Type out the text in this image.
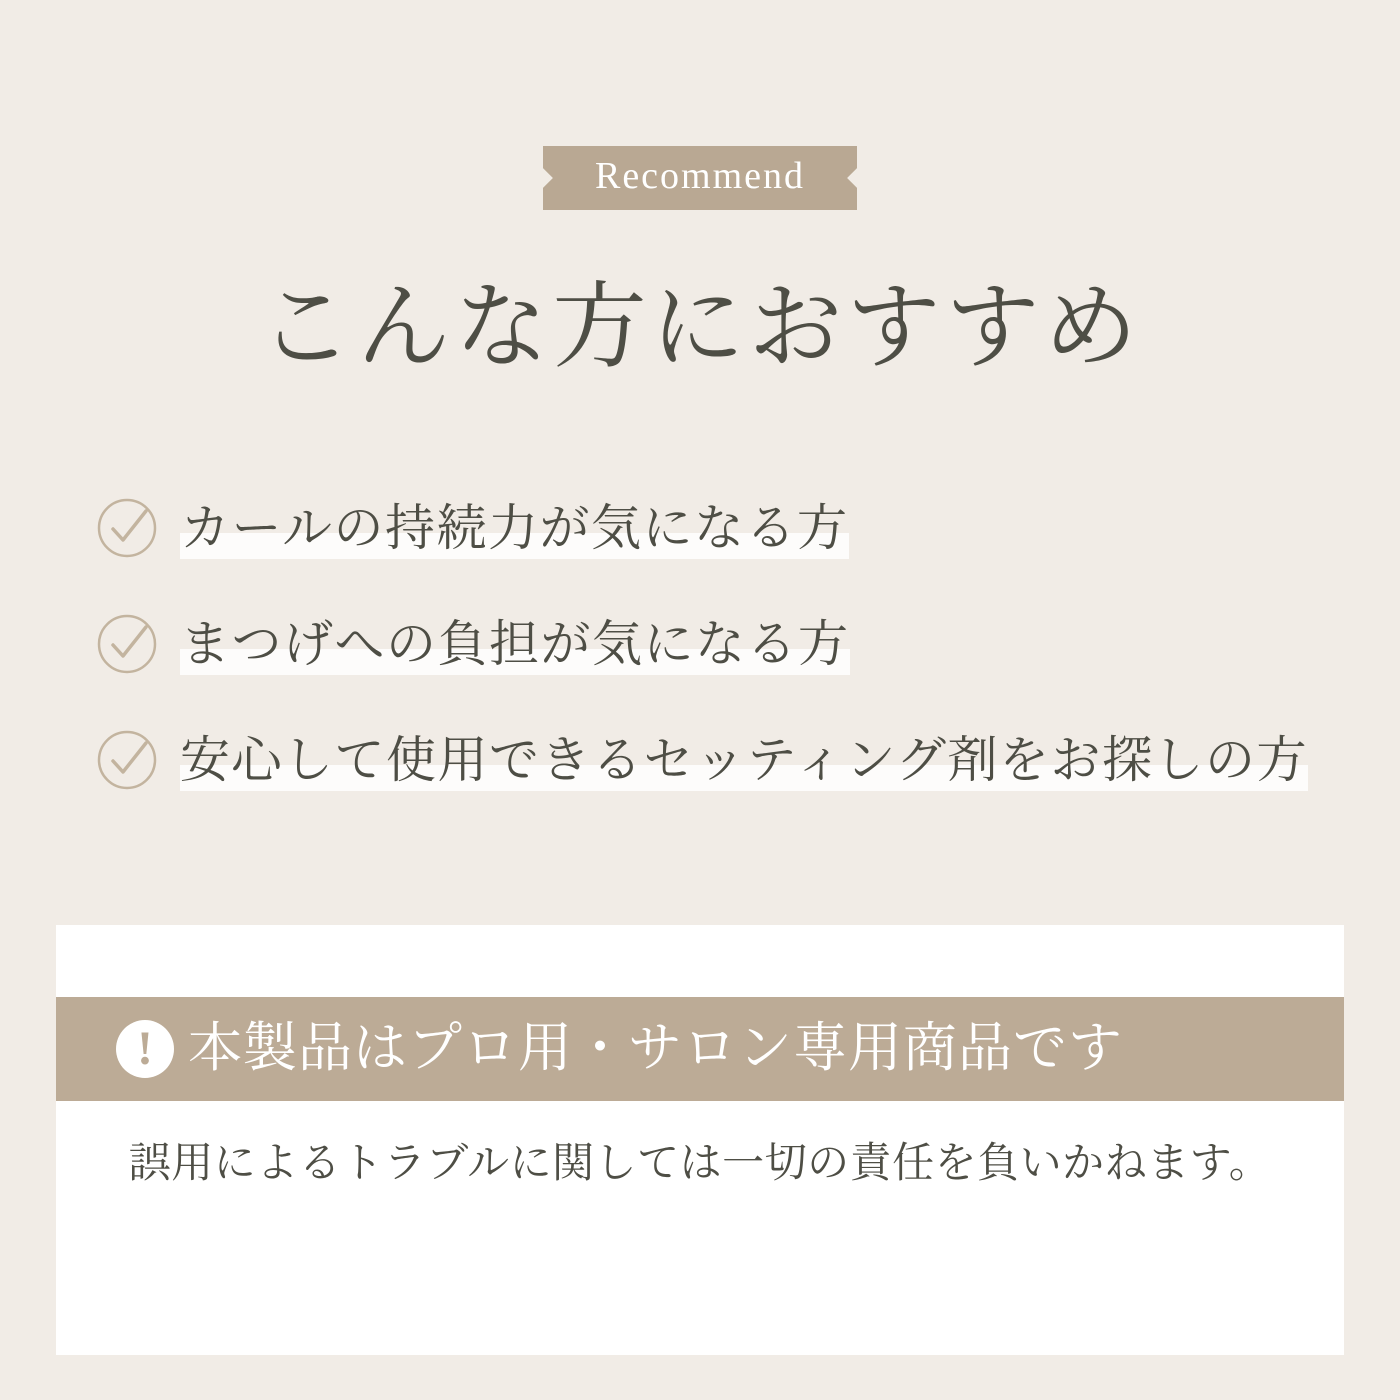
Recommend
こんな方におすすめ
カールの持続力が気になる方
まつげへの負担が気になる方
安心して使用できるセッティング剤をお探しの方
! 本製品はプロ用・サロン専用商品です
誤用によるトラブルに関しては一切の責任を負いかねます。
